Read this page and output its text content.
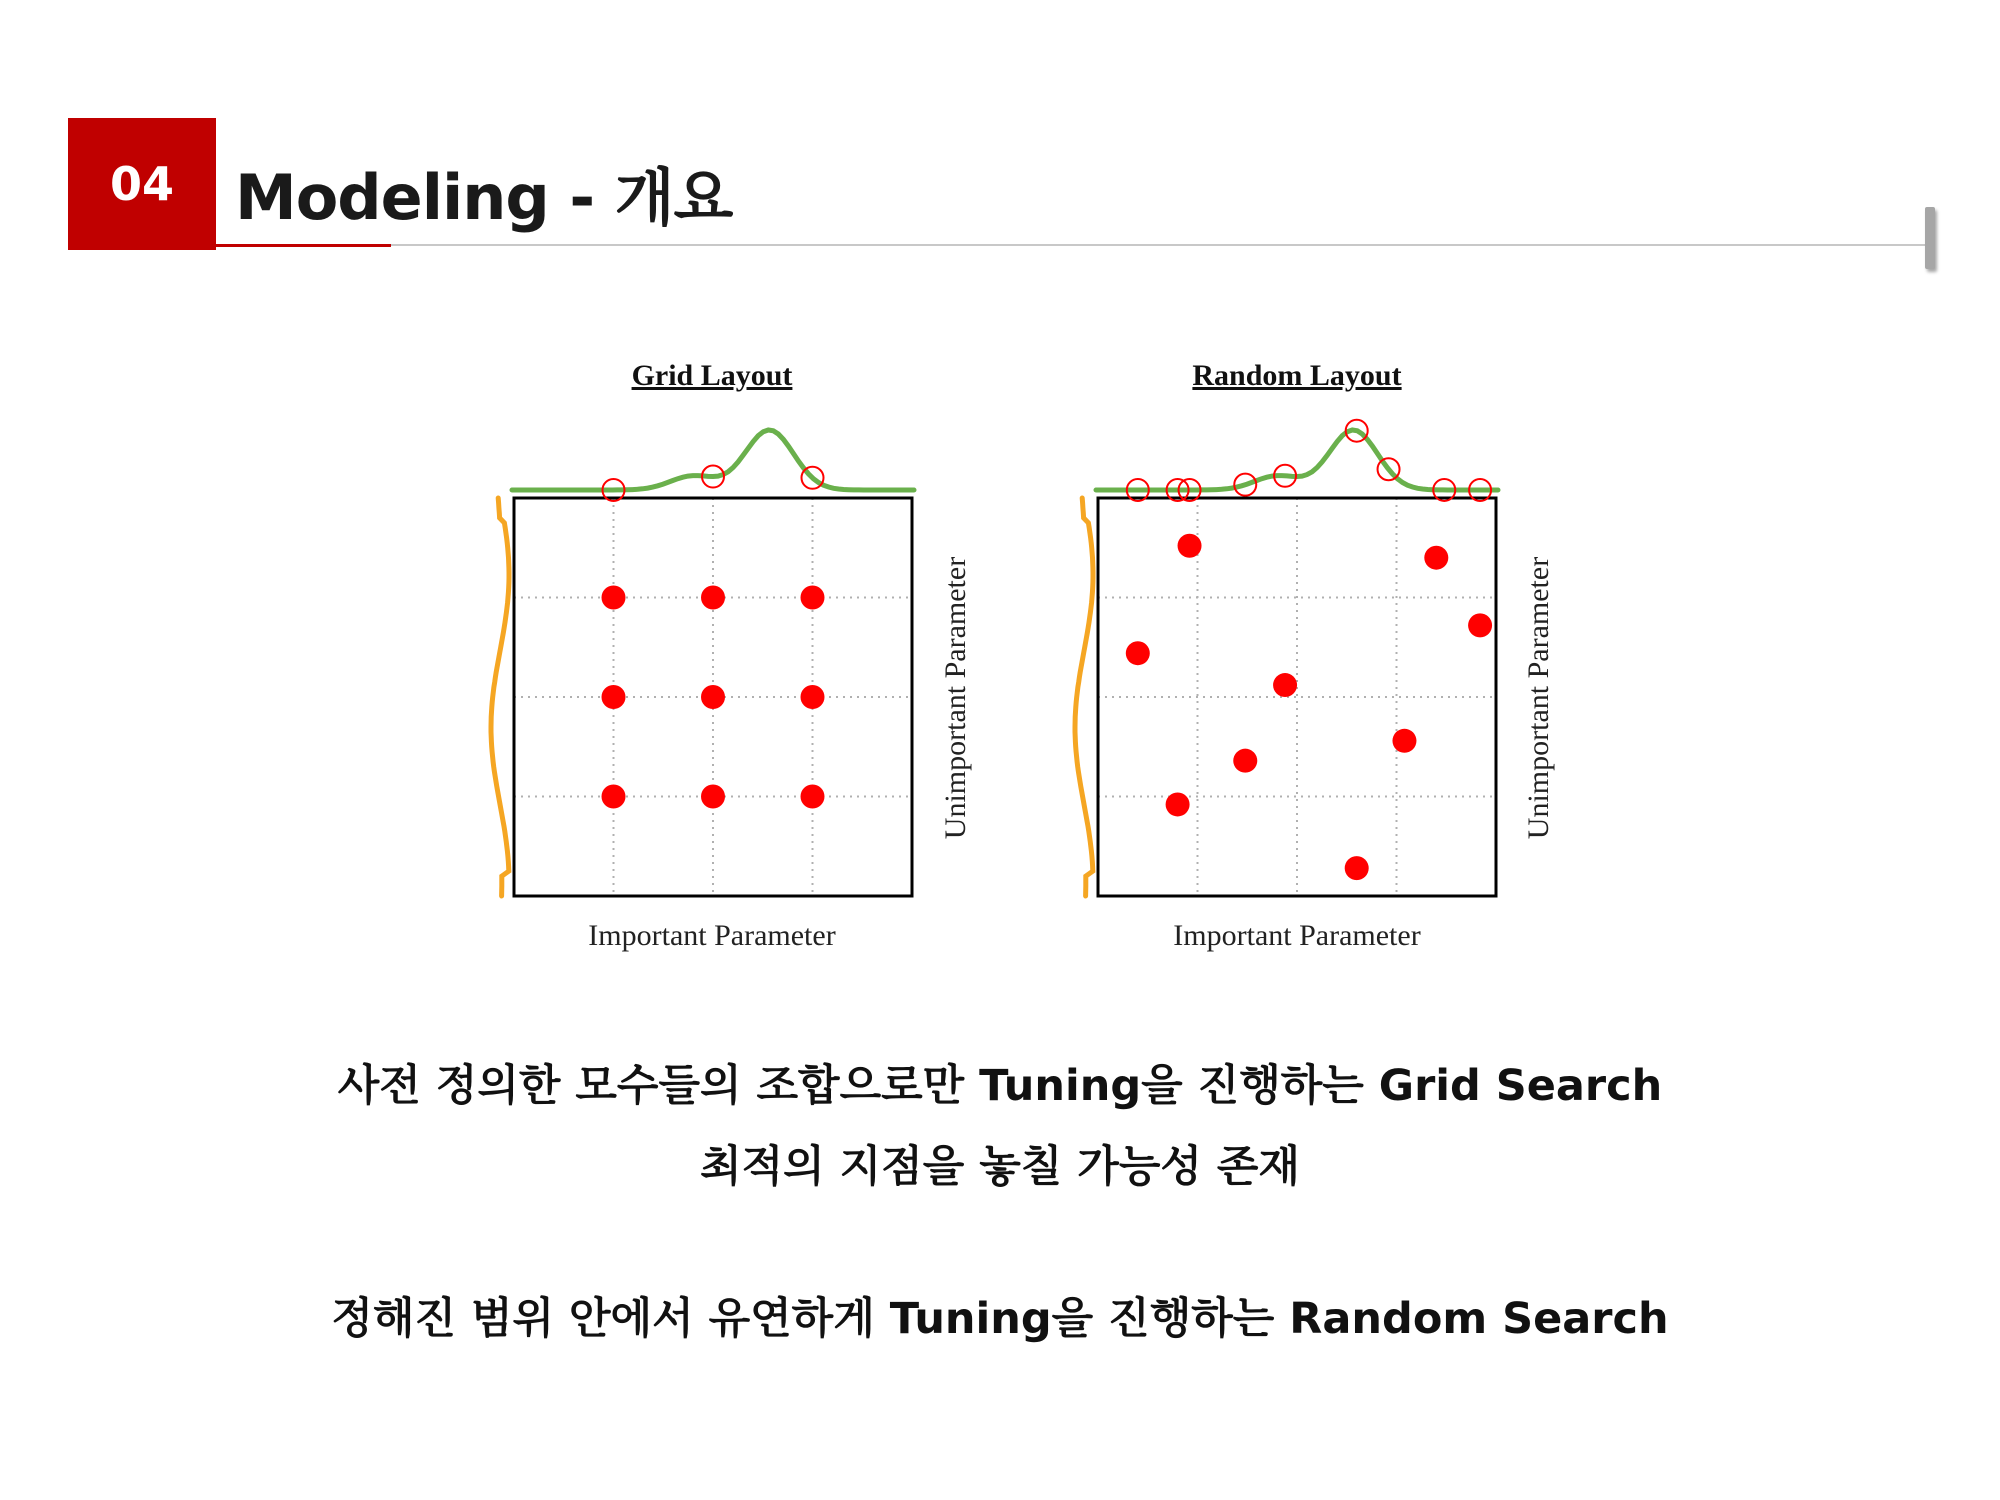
04 Modeling - 개요
Grid Layout
Important Parameter
Unimportant Parameter
Random Layout
Important Parameter
Unimportant Parameter
사전 정의한 모수들의 조합으로만 Tuning을 진행하는 Grid Search
최적의 지점을 놓칠 가능성 존재
정해진 범위 안에서 유연하게 Tuning을 진행하는 Random Search
